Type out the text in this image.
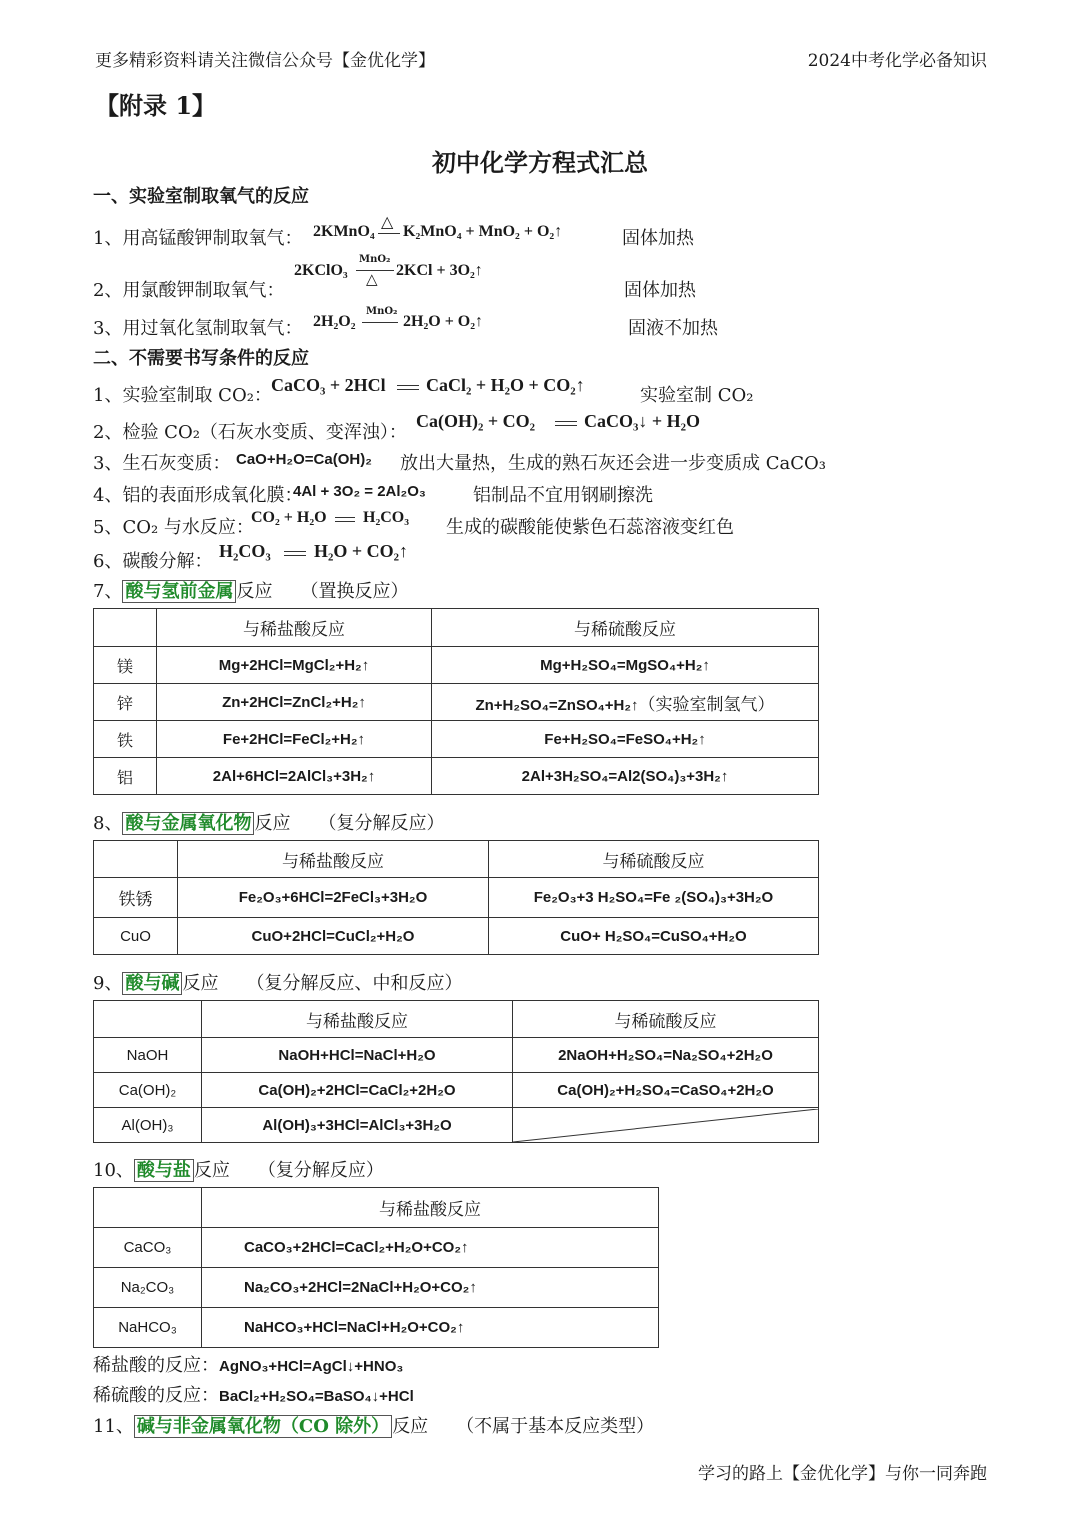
更多精彩资料请关注微信公众号【金优化学】	2024中考化学必备知识
【附录 1】
初中化学方程式汇总
一、实验室制取氧气的反应
1、用高锰酸钾制取氧气： 2KMnO₄
△
K₂MnO₄ + MnO₂ + O₂↑	固体加热
2、用氯酸钾制取氧气：
2KClO₃
MnO₂
△ 2KCl + 3O₂↑
固体加热
3、用过氧化氢制取氧气： 2H₂O₂
MnO₂
2H₂O + O₂↑	固液不加热
二、不需要书写条件的反应
1、实验室制取 CO₂： CaCO₃ + 2HCl CaCl₂ + H₂O + CO₂↑	实验室制 CO₂
2、检验 CO₂（石灰水变质、变浑浊）：
Ca(OH)₂ + CO₂	CaCO₃↓ + H₂O
3、生石灰变质： CaO+H₂O=Ca(OH)₂ 放出大量热，生成的熟石灰还会进一步变质成 CaCO₃
4、铝的表面形成氧化膜：
4Al + 3O₂ = 2Al₂O₃	铝制品不宜用钢刷擦洗
5、CO₂ 与水反应：
CO₂ + H₂O H₂CO₃ 生成的碳酸能使紫色石蕊溶液变红色
6、碳酸分解： H₂CO₃ H₂O + CO₂↑
7、 酸与氢前金属 反应 （置换反应）
	与稀盐酸反应	与稀硫酸反应
镁	Mg+2HCl=MgCl₂+H₂↑	Mg+H₂SO₄=MgSO₄+H₂↑
锌	Zn+2HCl=ZnCl₂+H₂↑	Zn+H₂SO₄=ZnSO₄+H₂↑（实验室制氢气）
铁	Fe+2HCl=FeCl₂+H₂↑	Fe+H₂SO₄=FeSO₄+H₂↑
铝	2Al+6HCl=2AlCl₃+3H₂↑	2Al+3H₂SO₄=Al2(SO₄)₃+3H₂↑
8、 酸与金属氧化物 反应 （复分解反应）
	与稀盐酸反应	与稀硫酸反应
铁锈	Fe₂O₃+6HCl=2FeCl₃+3H₂O	Fe₂O₃+3 H₂SO₄=Fe ₂(SO₄)₃+3H₂O
CuO	CuO+2HCl=CuCl₂+H₂O	CuO+ H₂SO₄=CuSO₄+H₂O
9、 酸与碱 反应 （复分解反应、中和反应）
	与稀盐酸反应	与稀硫酸反应
NaOH	NaOH+HCl=NaCl+H₂O	2NaOH+H₂SO₄=Na₂SO₄+2H₂O
Ca(OH)₂	Ca(OH)₂+2HCl=CaCl₂+2H₂O	Ca(OH)₂+H₂SO₄=CaSO₄+2H₂O
Al(OH)₃	Al(OH)₃+3HCl=AlCl₃+3H₂O	
10、 酸与盐 反应 （复分解反应）
	与稀盐酸反应
CaCO₃	CaCO₃+2HCl=CaCl₂+H₂O+CO₂↑
Na₂CO₃	Na₂CO₃+2HCl=2NaCl+H₂O+CO₂↑
NaHCO₃	NaHCO₃+HCl=NaCl+H₂O+CO₂↑
稀盐酸的反应：AgNO₃+HCl=AgCl↓+HNO₃
稀硫酸的反应：BaCl₂+H₂SO₄=BaSO₄↓+HCl
11、 碱与非金属氧化物（CO 除外） 反应 （不属于基本反应类型）
学习的路上【金优化学】与你一同奔跑
